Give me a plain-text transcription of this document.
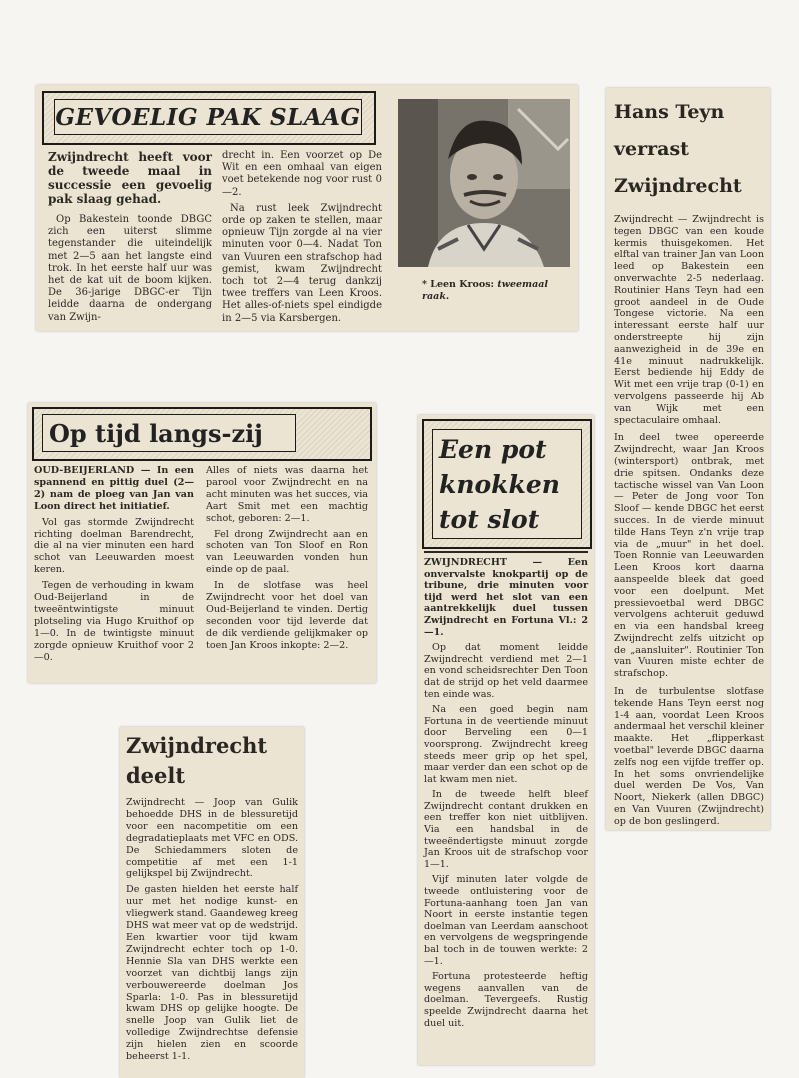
GEVOELIG PAK SLAAG

Zwijndrecht heeft voor de tweede maal in successie een gevoelig pak slaag gehad.

Op Bakestein toonde DBGC zich een uiterst slimme tegenstander die uiteindelijk met 2—5 aan het langste eind trok. In het eerste half uur was het de kat uit de boom kijken. De 36-jarige DBGC-er Tijn leidde daarna de ondergang van Zwijn-

drecht in. Een voorzet op De Wit en een omhaal van eigen voet betekende nog voor rust 0—2.

Na rust leek Zwijndrecht orde op zaken te stellen, maar opnieuw Tijn zorgde al na vier minuten voor 0—4. Nadat Ton van Vuuren een strafschop had gemist, kwam Zwijndrecht toch tot 2—4 terug dankzij twee treffers van Leen Kroos. Het alles-of-niets spel eindigde in 2—5 via Karsbergen.

* Leen Kroos: tweemaal raak.
Hans Teyn verrast Zwijndrecht

Zwijndrecht — Zwijndrecht is tegen DBGC van een koude kermis thuisgekomen. Het elftal van trainer Jan van Loon leed op Bakestein een onverwachte 2-5 nederlaag. Routinier Hans Teyn had een groot aandeel in de Oude Tongese victorie. Na een interessant eerste half uur onderstreepte hij zijn aanwezigheid in de 39e en 41e minuut nadrukkelijk. Eerst bediende hij Eddy de Wit met een vrije trap (0-1) en vervolgens passeerde hij Ab van Wijk met een spectaculaire omhaal.

In deel twee opereerde Zwijndrecht, waar Jan Kroos (wintersport) ontbrak, met drie spitsen. Ondanks deze tactische wissel van Van Loon — Peter de Jong voor Ton Sloof — kende DBGC het eerst succes. In de vierde minuut tilde Hans Teyn z'n vrije trap via de „muur" in het doel. Toen Ronnie van Leeuwarden Leen Kroos kort daarna aanspeelde bleek dat goed voor een doelpunt. Met pressievoetbal werd DBGC vervolgens achteruit geduwd en via een handsbal kreeg Zwijndrecht zelfs uitzicht op de „aansluiter". Routinier Ton van Vuuren miste echter de strafschop.

In de turbulentse slotfase tekende Hans Teyn eerst nog 1-4 aan, voordat Leen Kroos andermaal het verschil kleiner maakte. Het „flipperkast voetbal" leverde DBGC daarna zelfs nog een vijfde treffer op. In het soms onvriendelijke duel werden De Vos, Van Noort, Niekerk (allen DBGC) en Van Vuuren (Zwijndrecht) op de bon geslingerd.

Op tijd langs-zij

OUD-BEIJERLAND — In een spannend en pittig duel (2—2) nam de ploeg van Jan van Loon direct het initiatief.

Vol gas stormde Zwijndrecht richting doelman Barendrecht, die al na vier minuten een hard schot van Leeuwarden moest keren.

Tegen de verhouding in kwam Oud-Beijerland in de tweeëntwintigste minuut plotseling via Hugo Kruithof op 1—0. In de twintigste minuut zorgde opnieuw Kruithof voor 2—0.

Alles of niets was daarna het parool voor Zwijndrecht en na acht minuten was het succes, via Aart Smit met een machtig schot, geboren: 2—1.

Fel drong Zwijndrecht aan en schoten van Ton Sloof en Ron van Leeuwarden vonden hun einde op de paal.

In de slotfase was heel Zwijndrecht voor het doel van Oud-Beijerland te vinden. Dertig seconden voor tijd leverde dat de dik verdiende gelijkmaker op toen Jan Kroos inkopte: 2—2.

Een pot knokken tot slot

ZWIJNDRECHT — Een onvervalste knokpartij op de tribune, drie minuten voor tijd werd het slot van een aantrekkelijk duel tussen Zwijndrecht en Fortuna Vl.: 2—1.

Op dat moment leidde Zwijndrecht verdiend met 2—1 en vond scheidsrechter Den Toon dat de strijd op het veld daarmee ten einde was.

Na een goed begin nam Fortuna in de veertiende minuut door Berveling een 0—1 voorsprong. Zwijndrecht kreeg steeds meer grip op het spel, maar verder dan een schot op de lat kwam men niet.

In de tweede helft bleef Zwijndrecht contant drukken en een treffer kon niet uitblijven. Via een handsbal in de tweeëndertigste minuut zorgde Jan Kroos uit de strafschop voor 1—1.

Vijf minuten later volgde de tweede ontluistering voor de Fortuna-aanhang toen Jan van Noort in eerste instantie tegen doelman van Leerdam aanschoot en vervolgens de wegspringende bal toch in de touwen werkte: 2—1.

Fortuna protesteerde heftig wegens aanvallen van de doelman. Tevergeefs. Rustig speelde Zwijndrecht daarna het duel uit.

Zwijndrecht deelt

Zwijndrecht — Joop van Gulik behoedde DHS in de blessuretijd voor een nacompetitie om een degradatieplaats met VFC en ODS. De Schiedammers sloten de competitie af met een 1-1 gelijkspel bij Zwijndrecht.

De gasten hielden het eerste half uur met het nodige kunst- en vliegwerk stand. Gaandeweg kreeg DHS wat meer vat op de wedstrijd. Een kwartier voor tijd kwam Zwijndrecht echter toch op 1-0. Hennie Sla van DHS werkte een voorzet van dichtbij langs zijn verbouwereerde doelman Jos Sparla: 1-0. Pas in blessuretijd kwam DHS op gelijke hoogte. De snelle Joop van Gulik liet de volledige Zwijndrechtse defensie zijn hielen zien en scoorde beheerst 1-1.
